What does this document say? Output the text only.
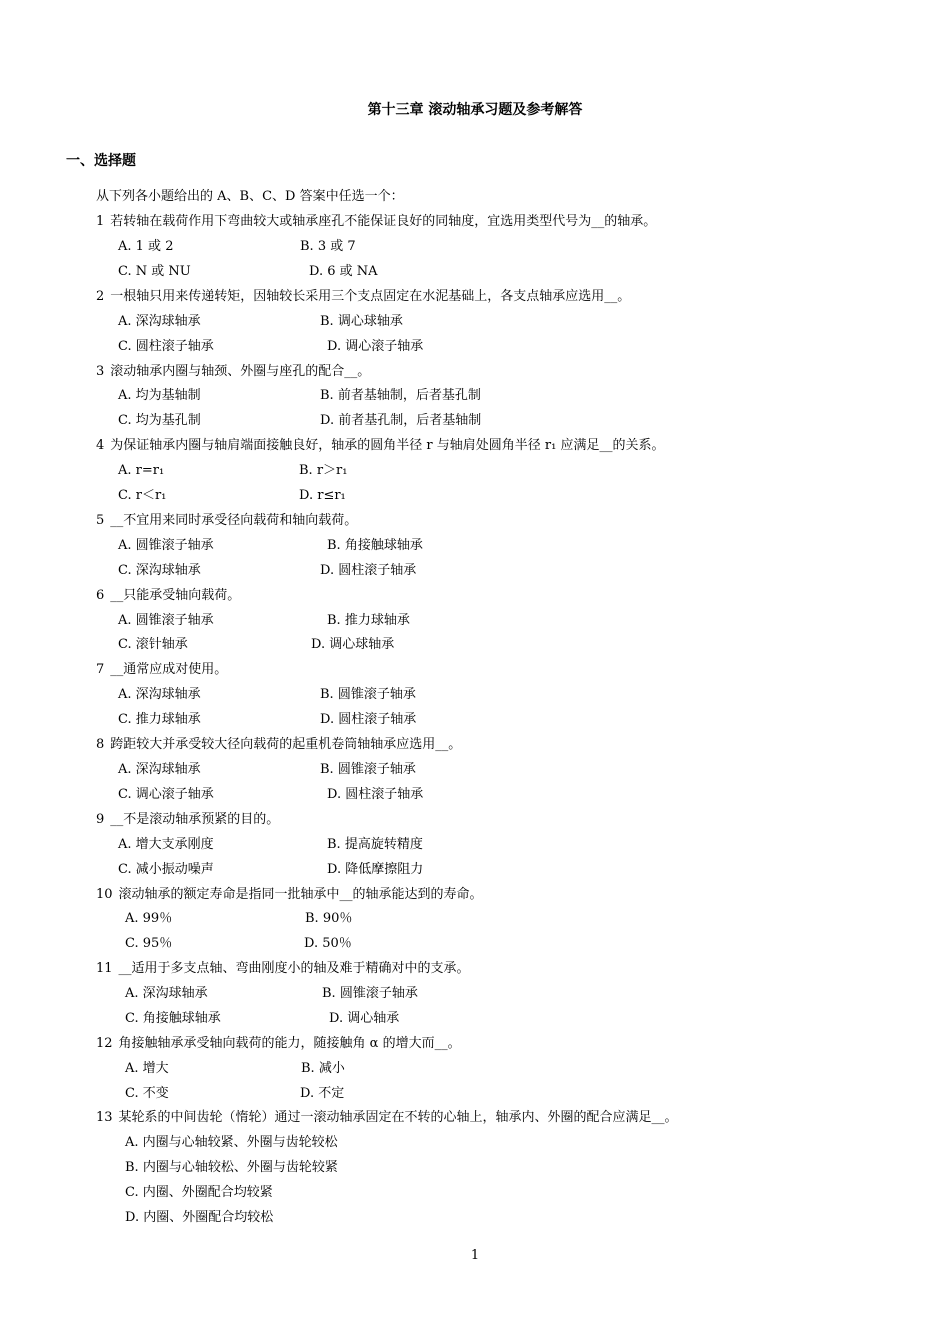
第十三章 滚动轴承习题及参考解答
一、选择题
从下列各小题给出的 A、B、C、D 答案中任选一个：
1 若转轴在载荷作用下弯曲较大或轴承座孔不能保证良好的同轴度，宜选用类型代号为__的轴承。
A. 1 或 2	B. 3 或 7
C. N 或 NU	D. 6 或 NA
2 一根轴只用来传递转矩，因轴较长采用三个支点固定在水泥基础上，各支点轴承应选用__。
A. 深沟球轴承	B. 调心球轴承
C. 圆柱滚子轴承	D. 调心滚子轴承
3 滚动轴承内圈与轴颈、外圈与座孔的配合__。
A. 均为基轴制	B. 前者基轴制，后者基孔制
C. 均为基孔制	D. 前者基孔制，后者基轴制
4 为保证轴承内圈与轴肩端面接触良好，轴承的圆角半径 r 与轴肩处圆角半径 r₁ 应满足__的关系。
A. r=r₁	B. r＞r₁
C. r＜r₁	D. r≤r₁
5 __不宜用来同时承受径向载荷和轴向载荷。
A. 圆锥滚子轴承	B. 角接触球轴承
C. 深沟球轴承	D. 圆柱滚子轴承
6 __只能承受轴向载荷。
A. 圆锥滚子轴承	B. 推力球轴承
C. 滚针轴承	D. 调心球轴承
7 __通常应成对使用。
A. 深沟球轴承	B. 圆锥滚子轴承
C. 推力球轴承	D. 圆柱滚子轴承
8 跨距较大并承受较大径向载荷的起重机卷筒轴轴承应选用__。
A. 深沟球轴承	B. 圆锥滚子轴承
C. 调心滚子轴承	D. 圆柱滚子轴承
9 __不是滚动轴承预紧的目的。
A. 增大支承刚度	B. 提高旋转精度
C. 减小振动噪声	D. 降低摩擦阻力
10 滚动轴承的额定寿命是指同一批轴承中__的轴承能达到的寿命。
A. 99％	B. 90％
C. 95％	D. 50％
11 __适用于多支点轴、弯曲刚度小的轴及难于精确对中的支承。
A. 深沟球轴承	B. 圆锥滚子轴承
C. 角接触球轴承	D. 调心轴承
12 角接触轴承承受轴向载荷的能力，随接触角 α 的增大而__。
A. 增大	B. 减小
C. 不变	D. 不定
13 某轮系的中间齿轮（惰轮）通过一滚动轴承固定在不转的心轴上，轴承内、外圈的配合应满足__。
A. 内圈与心轴较紧、外圈与齿轮较松
B. 内圈与心轴较松、外圈与齿轮较紧
C. 内圈、外圈配合均较紧
D. 内圈、外圈配合均较松
1
